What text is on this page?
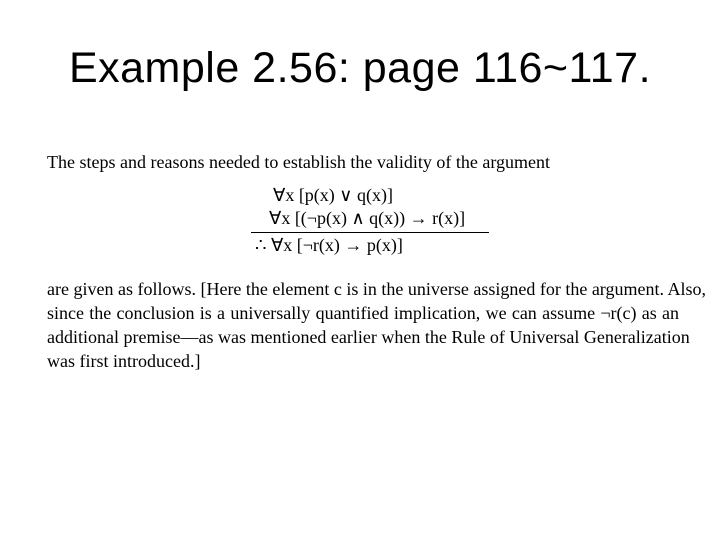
Example 2.56: page 116~117.

The steps and reasons needed to establish the validity of the argument

∀x [p(x) ∨ q(x)]
∀x [(¬p(x) ∧ q(x)) → r(x)]
∴ ∀x [¬r(x) → p(x)]
are given as follows. [Here the element c is in the universe assigned for the argument. Also,
since the conclusion is a universally quantified implication, we can assume ¬r(c) as an
additional premise—as was mentioned earlier when the Rule of Universal Generalization
was first introduced.]
